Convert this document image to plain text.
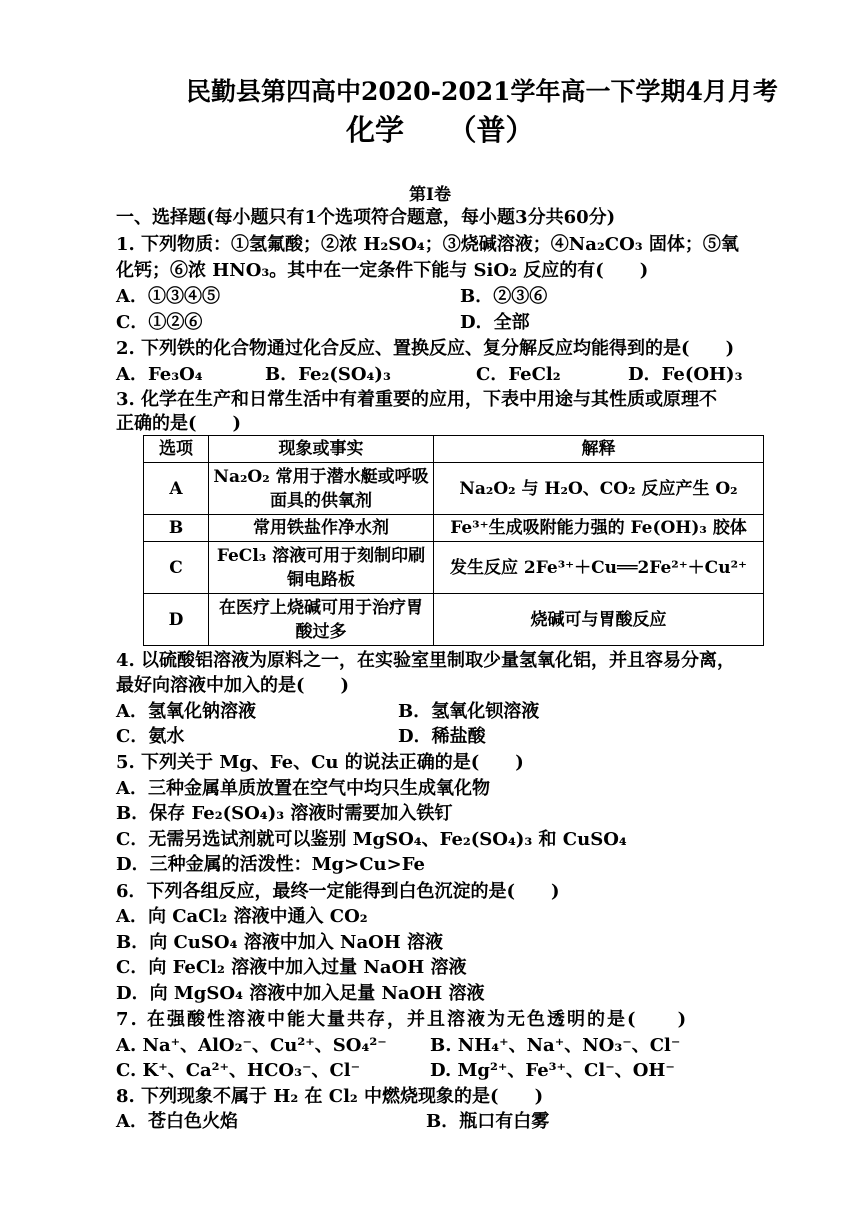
民勤县第四高中2020-2021学年高一下学期4月月考
化学　　（普）
第Ⅰ卷
一、选择题(每小题只有1个选项符合题意，每小题3分共60分)
1. 下列物质：①氢氟酸；②浓 H₂SO₄；③烧碱溶液；④Na₂CO₃ 固体；⑤氧
化钙；⑥浓 HNO₃。其中在一定条件下能与 SiO₂ 反应的有(　　)
A．①③④⑤	B．②③⑥
C．①②⑥	D．全部
2. 下列铁的化合物通过化合反应、置换反应、复分解反应均能得到的是(　　)
A．Fe₃O₄	B．Fe₂(SO₄)₃	C．FeCl₂	D．Fe(OH)₃
3. 化学在生产和日常生活中有着重要的应用，下表中用途与其性质或原理不
正确的是(　　)
选项	现象或事实	解释
A	Na₂O₂ 常用于潜水艇或呼吸面具的供氧剂	Na₂O₂ 与 H₂O、CO₂ 反应产生 O₂
B	常用铁盐作净水剂	Fe³⁺生成吸附能力强的 Fe(OH)₃ 胶体
C	FeCl₃ 溶液可用于刻制印刷铜电路板	发生反应 2Fe³⁺＋Cu══2Fe²⁺＋Cu²⁺
D	在医疗上烧碱可用于治疗胃酸过多	烧碱可与胃酸反应
4. 以硫酸铝溶液为原料之一，在实验室里制取少量氢氧化铝，并且容易分离，
最好向溶液中加入的是(　　)
A．氢氧化钠溶液	B．氢氧化钡溶液
C．氨水	D．稀盐酸
5. 下列关于 Mg、Fe、Cu 的说法正确的是(　　)
A．三种金属单质放置在空气中均只生成氧化物
B．保存 Fe₂(SO₄)₃ 溶液时需要加入铁钉
C．无需另选试剂就可以鉴别 MgSO₄、Fe₂(SO₄)₃ 和 CuSO₄
D．三种金属的活泼性：Mg>Cu>Fe
6．下列各组反应，最终一定能得到白色沉淀的是(　　)
A．向 CaCl₂ 溶液中通入 CO₂
B．向 CuSO₄ 溶液中加入 NaOH 溶液
C．向 FeCl₂ 溶液中加入过量 NaOH 溶液
D．向 MgSO₄ 溶液中加入足量 NaOH 溶液
7. 在强酸性溶液中能大量共存，并且溶液为无色透明的是(　　)
A. Na⁺、AlO₂⁻、Cu²⁺、SO₄²⁻ B. NH₄⁺、Na⁺、NO₃⁻、Cl⁻
C. K⁺、Ca²⁺、HCO₃⁻、Cl⁻	D. Mg²⁺、Fe³⁺、Cl⁻、OH⁻
8. 下列现象不属于 H₂ 在 Cl₂ 中燃烧现象的是(　　)
A．苍白色火焰	B．瓶口有白雾
